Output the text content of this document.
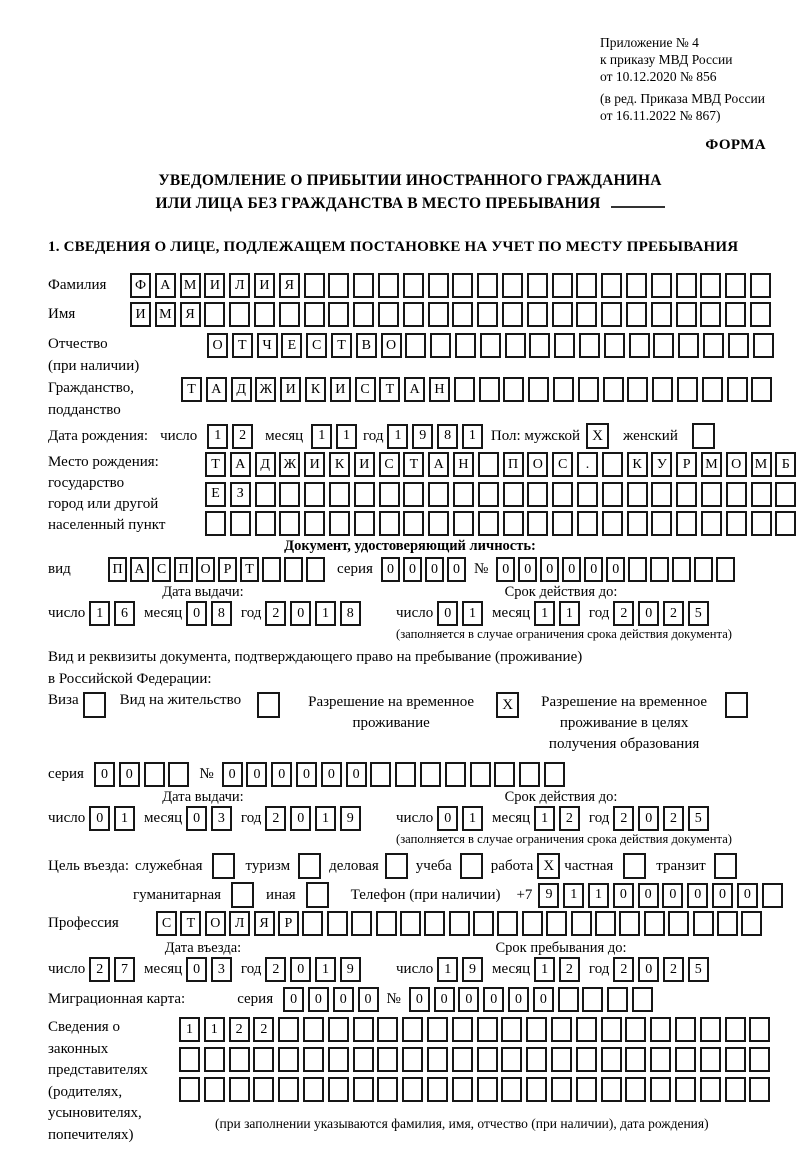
Приложение № 4
к приказу МВД России
от 10.12.2020 № 856
(в ред. Приказа МВД России
от 16.11.2022 № 867)
ФОРМА
УВЕДОМЛЕНИЕ О ПРИБЫТИИ ИНОСТРАННОГО ГРАЖДАНИНА
ИЛИ ЛИЦА БЕЗ ГРАЖДАНСТВА В МЕСТО ПРЕБЫВАНИЯ
1. СВЕДЕНИЯ О ЛИЦЕ, ПОДЛЕЖАЩЕМ ПОСТАНОВКЕ НА УЧЕТ ПО МЕСТУ ПРЕБЫВАНИЯ
Фамилия	Ф	А М И	Л	И	Я
Имя	И М Я
Отчество
(при наличии)
О	Т	Ч	Е	С	Т	В	О
Гражданство,
подданство
Т	А	Д Ж И	К	И	С	Т	А	Н
Дата рождения: число	1	2	месяц	1	1 год 1	9	8	1	Пол: мужской X	женский
Место рождения:
государство
город или другой
населенный пункт
Т	А	Д Ж И	К	И	С	Т	А	Н	П	О	С	.	К	У	Р	М О М	Б
Е	З
Документ, удостоверяющий личность:
вид	П А С П О Р Т	серия	0	0	0	0 №	0	0	0	0	0	0
Дата выдачи:
число 1	6	месяц 0	8	год 2	0	1	8
Срок действия до:
число 0	1	месяц 1	1	год 2	0	2	5
(заполняется в случае ограничения срока действия документа)
Вид и реквизиты документа, подтверждающего право на пребывание (проживание)
в Российской Федерации:
Виза	Вид на жительство	Разрешение на временное
проживание
X	Разрешение на временное
проживание в целях
получения образования
серия	0	0	№	0	0	0	0	0	0
Дата выдачи:
число 0	1	месяц 0	3	год 2	0	1	9
Срок действия до:
число 0	1	месяц 1	2	год 2	0	2	5
(заполняется в случае ограничения срока действия документа)
Цель въезда: служебная	туризм	деловая учеба	работа X частная	транзит
гуманитарная	иная	Телефон (при наличии) +7 9	1	1	0	0	0	0	0	0
Профессия	С	Т	О	Л	Я	Р
Дата въезда:
число 2	7	месяц 0	3	год 2	0	1	9
Срок пребывания до:
число 1	9	месяц 1	2	год 2	0	2	5
Миграционная карта:	серия	0	0	0	0	№	0	0	0	0	0	0
Сведения о
законных
представителях
(родителях,
усыновителях,
попечителях)
1	1	2	2
(при заполнении указываются фамилия, имя, отчество (при наличии), дата рождения)
